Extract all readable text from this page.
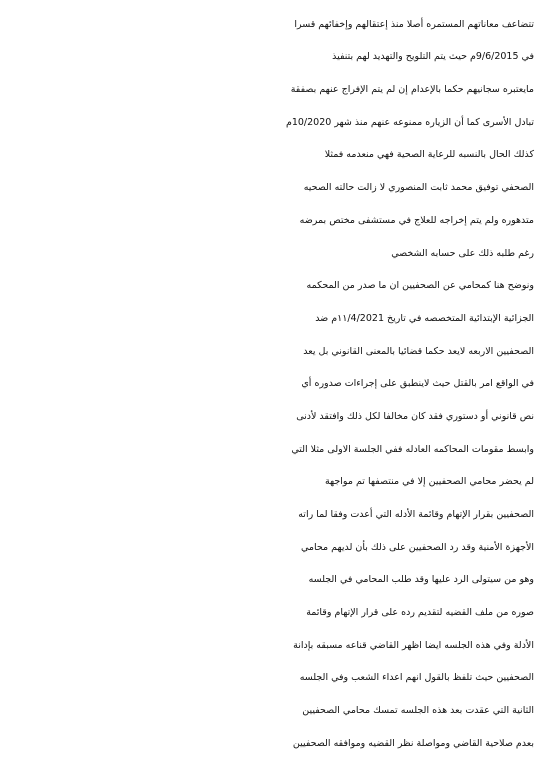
تتضاعف معاناتهم المستمره أصلا منذ إعتقالهم وإخفائهم قسرا
في 9/6/2015م حيث يتم التلويح والتهديد لهم بتنفيذ
مايعتبره سجانيهم حكما بالإعدام إن لم يتم الإفراج عنهم بصفقة
تبادل الأسرى كما أن الزياره ممنوعه عنهم منذ شهر 10/2020م
كذلك الحال بالنسبه للرعاية الصحية فهي منعدمه فمثلا
الصحفي توفيق محمد ثابت المنصوري لا زالت حالته الصحيه
متدهوره ولم يتم إخراجه للعلاج في مستشفى مختص بمرضه
رغم طلبه ذلك على حسابه الشخصي
ونوضح هنا كمحامي عن الصحفيين ان ما صدر من المحكمه
الجزائية الإبتدائية المتخصصه في تاريخ ١١/4/2021م ضد
الصحفيين الاربعه لايعد حكما قضائيا بالمعنى القانوني بل يعد
في الواقع امر بالقتل حيث لاينطبق على إجراءات صدوره أي
نص قانوني أو دستوري فقد كان مخالفا لكل ذلك وافتقد لأدنى
وابسط مقومات المحاكمه العادله ففي الجلسة الاولى مثلا التي
لم يحضر محامي الصحفيين إلا في منتصفها تم مواجهة
الصحفيين بقرار الإتهام وقائمة الأدله التي أعدت وفقا لما راته
الأجهزة الأمنية وقد رد الصحفيين على ذلك بأن لديهم محامي
وهو من سيتولى الرد عليها وقد طلب المحامي في الجلسه
صوره من ملف القضيه لتقديم رده على قرار الإتهام وقائمة
الأدلة وفي هذه الجلسه ايضا اظهر القاضي قناعه مسبقه بإدانة
الصحفيين حيث تلفظ بالقول انهم اعداء الشعب وفي الجلسه
الثانية التي عقدت بعد هذه الجلسه تمسك محامي الصحفيين
بعدم صلاحية القاضي ومواصلة نظر القضيه وموافقه الصحفيين
